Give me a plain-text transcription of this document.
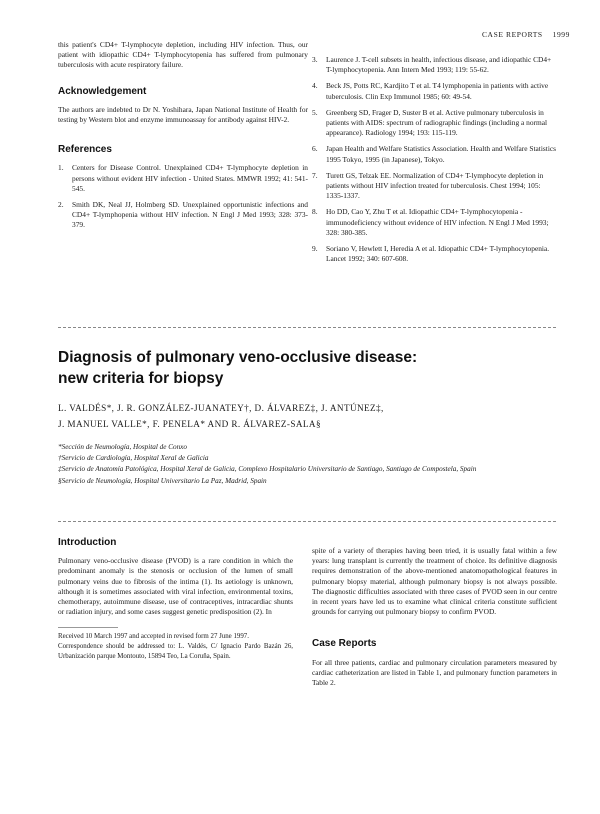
CASE REPORTS 1999

this patient's CD4+ T-lymphocyte depletion, including HIV infection. Thus, our patient with idiopathic CD4+ T-lymphocytopenia has suffered from pulmonary tuberculosis with acute respiratory failure.

Acknowledgement

The authors are indebted to Dr N. Yoshihara, Japan National Institute of Health for testing by Western blot and enzyme immunoassay for antibody against HIV-2.

References
1. Centers for Disease Control. Unexplained CD4+ T-lymphocyte depletion in persons without evident HIV infection - United States. MMWR 1992; 41: 541-545.
2. Smith DK, Neal JJ, Holmberg SD. Unexplained opportunistic infections and CD4+ T-lymphopenia without HIV infection. N Engl J Med 1993; 328: 373-379.
3. Laurence J. T-cell subsets in health, infectious disease, and idiopathic CD4+ T-lymphocytopenia. Ann Intern Med 1993; 119: 55-62.
4. Beck JS, Potts RC, Kardjito T et al. T4 lymphopenia in patients with active tuberculosis. Clin Exp Immunol 1985; 60: 49-54.
5. Greenberg SD, Frager D, Suster B et al. Active pulmonary tuberculosis in patients with AIDS: spectrum of radiographic findings (including a normal appearance). Radiology 1994; 193: 115-119.
6. Japan Health and Welfare Statistics Association. Health and Welfare Statistics 1995 Tokyo, 1995 (in Japanese), Tokyo.
7. Turett GS, Telzak EE. Normalization of CD4+ T-lymphocyte depletion in patients without HIV infection treated for tuberculosis. Chest 1994; 105: 1335-1337.
8. Ho DD, Cao Y, Zhu T et al. Idiopathic CD4+ T-lymphocytopenia - immunodeficiency without evidence of HIV infection. N Engl J Med 1993; 328: 380-385.
9. Soriano V, Hewlett I, Heredia A et al. Idiopathic CD4+ T-lymphocytopenia. Lancet 1992; 340: 607-608.
Diagnosis of pulmonary veno-occlusive disease:
new criteria for biopsy
L. VALDÉS*, J. R. GONZÁLEZ-JUANATEY†, D. ÁLVAREZ‡, J. ANTÚNEZ‡,
J. MANUEL VALLE*, F. PENELA* AND R. ÁLVAREZ-SALA§
*Sección de Neumología, Hospital de Conxo
†Servicio de Cardiología, Hospital Xeral de Galicia
‡Servicio de Anatomía Patológica, Hospital Xeral de Galicia, Complexo Hospitalario Universitario de Santiago, Santiago de Compostela, Spain
§Servicio de Neumología, Hospital Universitario La Paz, Madrid, Spain
Introduction

Pulmonary veno-occlusive disease (PVOD) is a rare condition in which the predominant anomaly is the stenosis or occlusion of the lumen of small pulmonary veins due to fibrosis of the intima (1). Its aetiology is unknown, although it is sometimes associated with viral infection, environmental toxins, chemotherapy, autoimmune disease, use of contraceptives, intracardiac shunts or radiation injury, and some cases suggest genetic predisposition (2). In

Received 10 March 1997 and accepted in revised form 27 June 1997.
Correspondence should be addressed to: L. Valdés, C/ Ignacio Pardo Bazán 26, Urbanización parque Montouto, 15894 Teo, La Coruña, Spain.

spite of a variety of therapies having been tried, it is usually fatal within a few years: lung transplant is currently the treatment of choice. Its definitive diagnosis requires demonstration of the above-mentioned anatomopathological features in pulmonary biopsy material, although pulmonary biopsy is not always possible. The diagnostic difficulties associated with three cases of PVOD seen in our centre in recent years have led us to examine what clinical criteria constitute sufficient grounds for carrying out pulmonary biopsy to confirm PVOD.

Case Reports

For all three patients, cardiac and pulmonary circulation parameters measured by cardiac catheterization are listed in Table 1, and pulmonary function parameters in Table 2.
